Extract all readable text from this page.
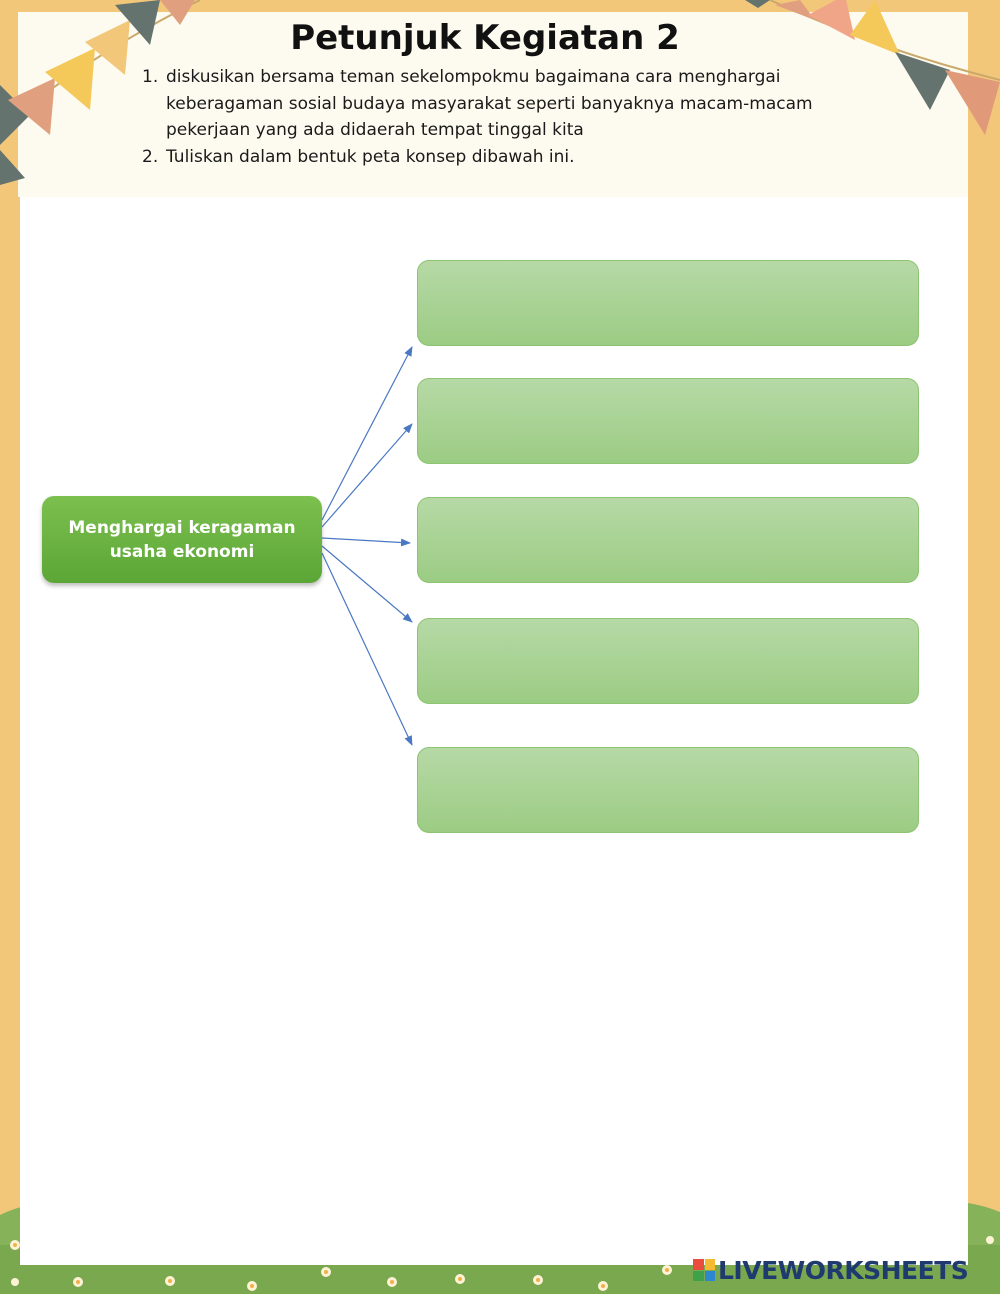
Petunjuk Kegiatan 2
1. diskusikan bersama teman sekelompokmu bagaimana cara menghargai keberagaman sosial budaya masyarakat seperti banyaknya macam-macam pekerjaan yang ada didaerah tempat tinggal kita
2. Tuliskan dalam bentuk peta konsep dibawah ini.
Menghargai keragaman usaha ekonomi
LIVEWORKSHEETS
